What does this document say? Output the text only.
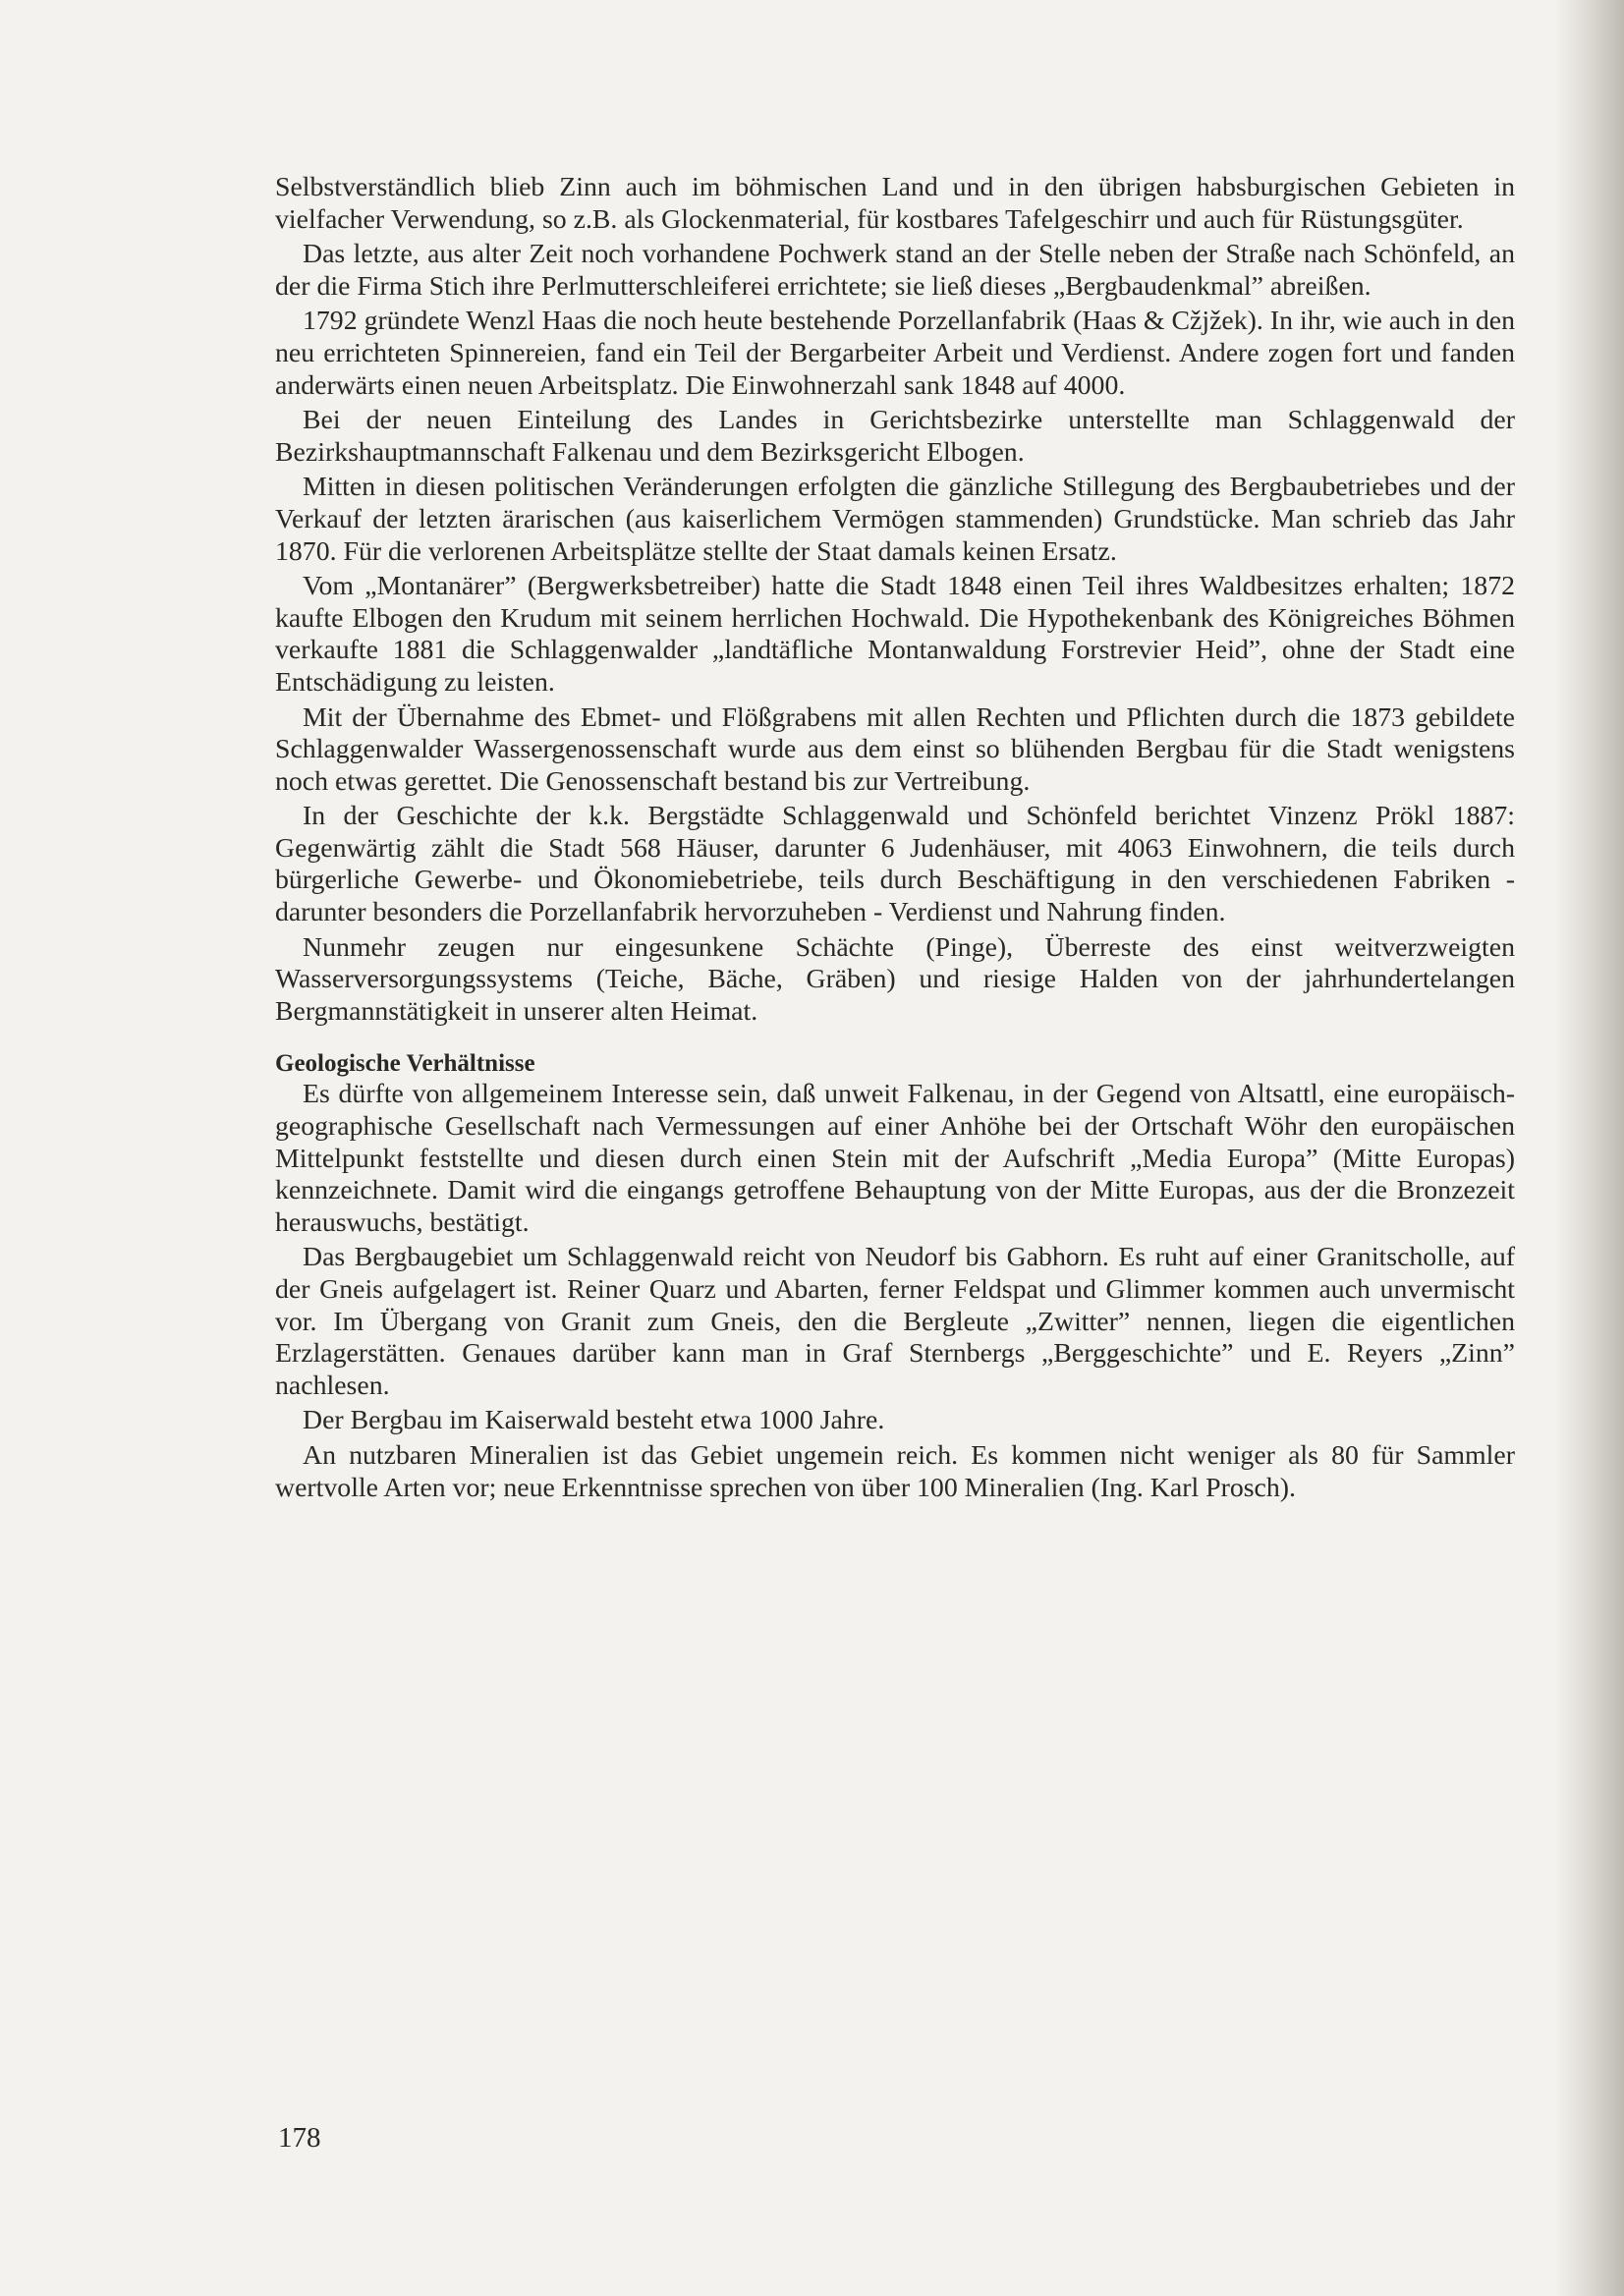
Selbstverständlich blieb Zinn auch im böhmischen Land und in den übrigen habsburgischen Gebieten in vielfacher Verwendung, so z.B. als Glockenmaterial, für kostbares Tafelgeschirr und auch für Rüstungsgüter.

Das letzte, aus alter Zeit noch vorhandene Pochwerk stand an der Stelle neben der Straße nach Schönfeld, an der die Firma Stich ihre Perlmutterschleiferei errichtete; sie ließ dieses „Bergbaudenkmal” abreißen.

1792 gründete Wenzl Haas die noch heute bestehende Porzellanfabrik (Haas & Cžjžek). In ihr, wie auch in den neu errichteten Spinnereien, fand ein Teil der Bergarbeiter Arbeit und Verdienst. Andere zogen fort und fanden anderwärts einen neuen Arbeitsplatz. Die Einwohnerzahl sank 1848 auf 4000.

Bei der neuen Einteilung des Landes in Gerichtsbezirke unterstellte man Schlaggenwald der Bezirkshauptmannschaft Falkenau und dem Bezirksgericht Elbogen.

Mitten in diesen politischen Veränderungen erfolgten die gänzliche Stillegung des Bergbaubetriebes und der Verkauf der letzten ärarischen (aus kaiserlichem Vermögen stammenden) Grundstücke. Man schrieb das Jahr 1870. Für die verlorenen Arbeitsplätze stellte der Staat damals keinen Ersatz.

Vom „Montanärer” (Bergwerksbetreiber) hatte die Stadt 1848 einen Teil ihres Waldbesitzes erhalten; 1872 kaufte Elbogen den Krudum mit seinem herrlichen Hochwald. Die Hypothekenbank des Königreiches Böhmen verkaufte 1881 die Schlaggenwalder „landtäfliche Montanwaldung Forstrevier Heid”, ohne der Stadt eine Entschädigung zu leisten.

Mit der Übernahme des Ebmet- und Flößgrabens mit allen Rechten und Pflichten durch die 1873 gebildete Schlaggenwalder Wassergenossenschaft wurde aus dem einst so blühenden Bergbau für die Stadt wenigstens noch etwas gerettet. Die Genossenschaft bestand bis zur Vertreibung.

In der Geschichte der k.k. Bergstädte Schlaggenwald und Schönfeld berichtet Vinzenz Prökl 1887: Gegenwärtig zählt die Stadt 568 Häuser, darunter 6 Judenhäuser, mit 4063 Einwohnern, die teils durch bürgerliche Gewerbe- und Ökonomiebetriebe, teils durch Beschäftigung in den verschiedenen Fabriken - darunter besonders die Porzellanfabrik hervorzuheben - Verdienst und Nahrung finden.

Nunmehr zeugen nur eingesunkene Schächte (Pinge), Überreste des einst weitverzweigten Wasserversorgungssystems (Teiche, Bäche, Gräben) und riesige Halden von der jahrhundertelangen Bergmannstätigkeit in unserer alten Heimat.

Geologische Verhältnisse

Es dürfte von allgemeinem Interesse sein, daß unweit Falkenau, in der Gegend von Altsattl, eine europäisch-geographische Gesellschaft nach Vermessungen auf einer Anhöhe bei der Ortschaft Wöhr den europäischen Mittelpunkt feststellte und diesen durch einen Stein mit der Aufschrift „Media Europa” (Mitte Europas) kennzeichnete. Damit wird die eingangs getroffene Behauptung von der Mitte Europas, aus der die Bronzezeit herauswuchs, bestätigt.

Das Bergbaugebiet um Schlaggenwald reicht von Neudorf bis Gabhorn. Es ruht auf einer Granitscholle, auf der Gneis aufgelagert ist. Reiner Quarz und Abarten, ferner Feldspat und Glimmer kommen auch unvermischt vor. Im Übergang von Granit zum Gneis, den die Bergleute „Zwitter” nennen, liegen die eigentlichen Erzlagerstätten. Genaues darüber kann man in Graf Sternbergs „Berggeschichte” und E. Reyers „Zinn” nachlesen.

Der Bergbau im Kaiserwald besteht etwa 1000 Jahre.

An nutzbaren Mineralien ist das Gebiet ungemein reich. Es kommen nicht weniger als 80 für Sammler wertvolle Arten vor; neue Erkenntnisse sprechen von über 100 Mineralien (Ing. Karl Prosch).

178
